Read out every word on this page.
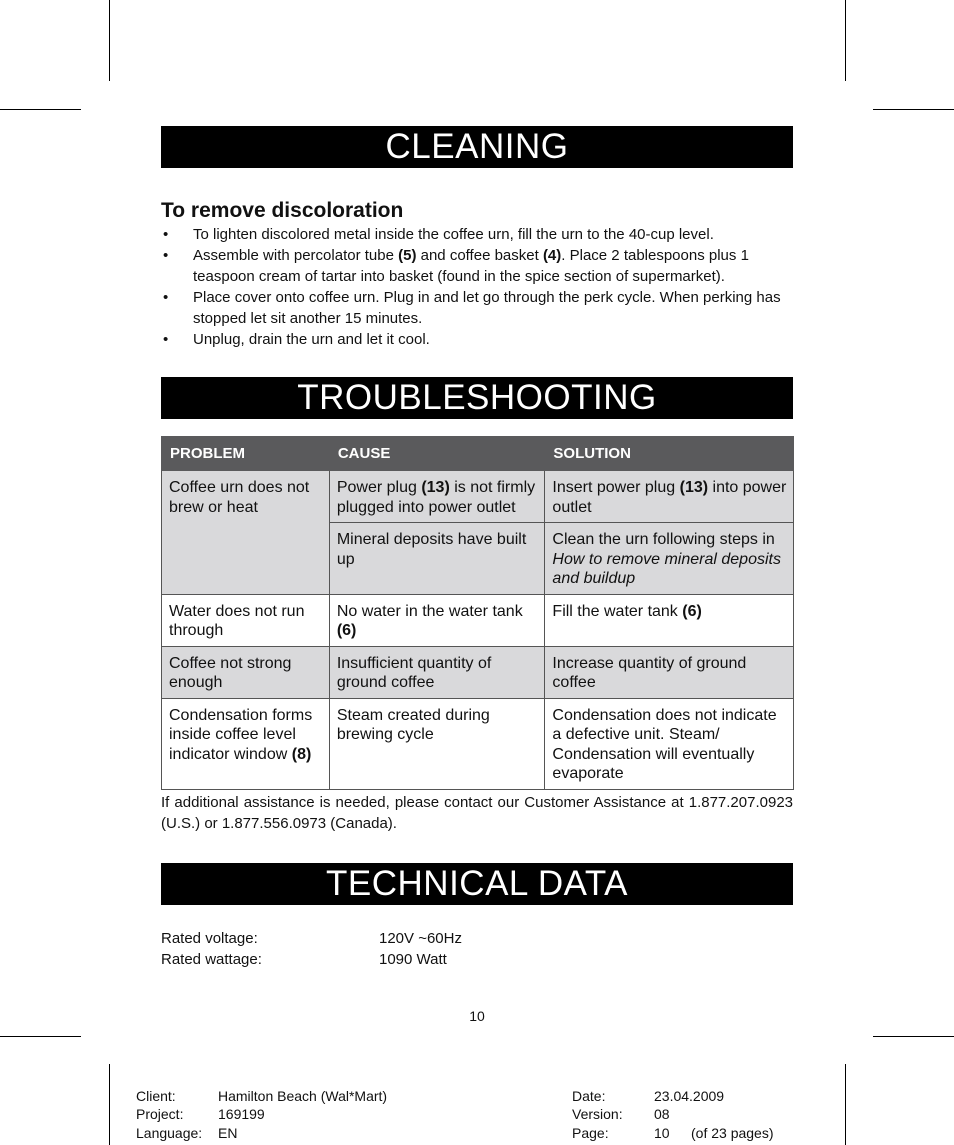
CLEANING
To remove discoloration
• To lighten discolored metal inside the coffee urn, fill the urn to the 40-cup level.
• Assemble with percolator tube (5) and coffee basket (4). Place 2 tablespoons plus 1 teaspoon cream of tartar into basket (found in the spice section of supermarket).
• Place cover onto coffee urn. Plug in and let go through the perk cycle. When perking has stopped let sit another 15 minutes.
• Unplug, drain the urn and let it cool.
TROUBLESHOOTING
PROBLEM	CAUSE	SOLUTION
Coffee urn does not brew or heat	Power plug (13) is not firmly plugged into power outlet	Insert power plug (13) into power outlet
	Mineral deposits have built up	Clean the urn following steps in How to remove mineral deposits and buildup
Water does not run through	No water in the water tank (6)	Fill the water tank (6)
Coffee not strong enough	Insufficient quantity of ground coffee	Increase quantity of ground coffee
Condensation forms inside coffee level indicator window (8)	Steam created during brewing cycle	Condensation does not indicate a defective unit. Steam/ Condensation will eventually evaporate

If additional assistance is needed, please contact our Customer Assistance at 1.877.207.0923 (U.S.) or 1.877.556.0973 (Canada).

TECHNICAL DATA
Rated voltage:	120V ~60Hz
Rated wattage:	1090 Watt
10
Client:	Hamilton Beach (Wal*Mart)
Project: 169199
Language: EN
Date:	23.04.2009
Version: 08
Page:	10 (of 23 pages)
